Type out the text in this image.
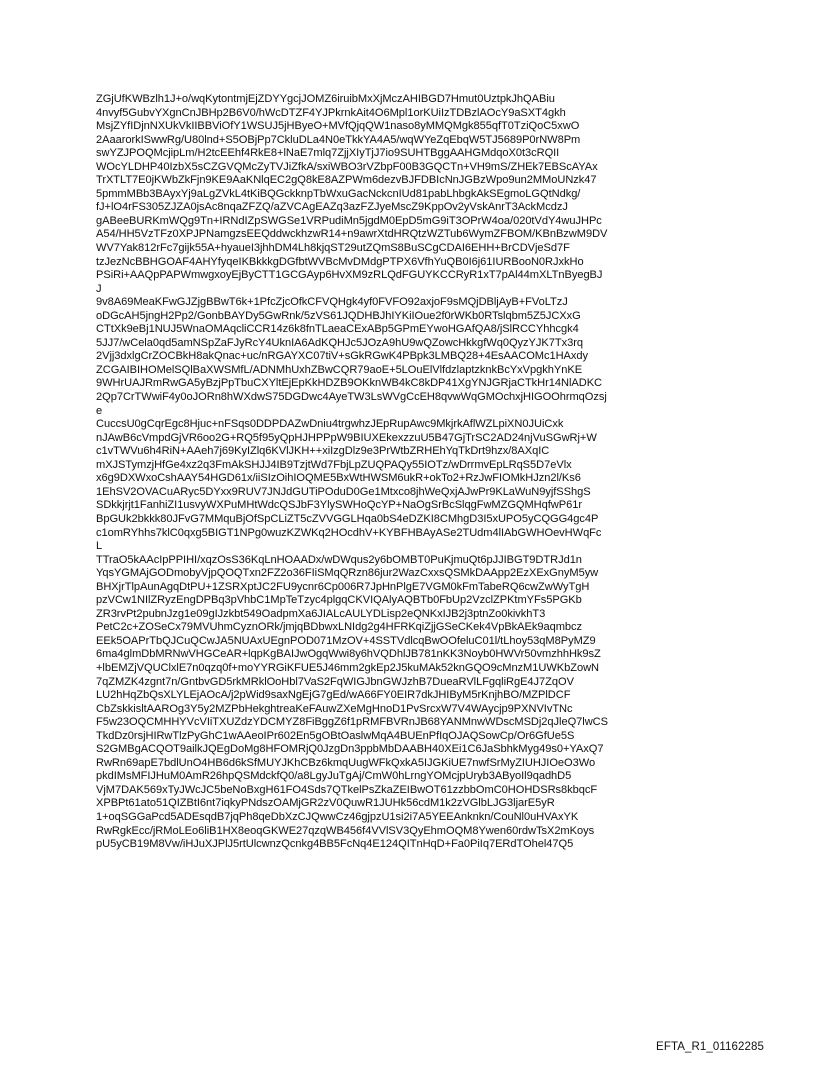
ZGjUfKWBzlh1J+o/wqKytontmjEjZDYYgcjJOMZ6iruibMxXjMczAHIBGD7Hmut0UztpkJhQABiu
4nvyf5GubvYXgnCnJBHp2B6V0/hWcDTZF4YJPkrnkAit4O6Mpl1orKUiIzTDBzlAOcY9aSXT4gkh
MsjZYfIDjnNXUkVkIIBBViOfY1WSUJ5jHByeO+MVfQjqQW1naso8yMMQMgk855qfT0TziQoC5xwO
2AaarorkISwwRg/U80lnd+S5OBjPp7CkluDLa4N0eTkkYA4A5/wqWYeZqEbqW5TJ5689P0rNW8Pm
swYZJPOQMcjipLm/H2tcEEhf4RkE8+lNaE7mlq7ZjjXIyTjJ7io9SUHTBggAAHGMdqoX0t3cRQII
WOcYLDHP40IzbX5sCZGVQMcZyTVJiZfkA/sxiWBO3rVZbpF00B3GQCTn+VH9mS/ZHEk7EBScAYAx
TrXTLT7E0jKWbZkFjn9KE9AaKNlqEC2gQ8kE8AZPWm6dezvBJFDBIcNnJGBzWpo9un2MMoUNzk47
5pmmMBb3BAyxYj9aLgZVkL4tKiBQGckknpTbWxuGacNckcnIUd81pabLhbgkAkSEgmoLGQtNdkg/
fJ+lO4rFS305ZJZA0jsAc8nqaZFZQ/aZVCAgEAZq3azFZJyeMscZ9KppOv2yVskAnrT3AckMcdzJ
gABeeBURKmWQg9Tn+IRNdIZpSWGSe1VRPudiMn5jgdM0EpD5mG9iT3OPrW4oa/020tVdY4wuJHPc
A54/HH5VzTFz0XPJPNamgzsEEQddwckhzwR14+n9awrXtdHRQtzWZTub6WymZFBOM/KBnBzwM9DV
WV7Yak812rFc7gijk55A+hyaueI3jhhDM4Lh8kjqST29utZQmS8BuSCgCDAI6EHH+BrCDVjeSd7F
tzJezNcBBHGOAF4AHYfyqeIKBkkkgDGfbtWVBcMvDMdgPTPX6VfhYuQB0I6j61IURBooN0RJxkHo
PSiRi+AAQpPAPWmwgxoyEjByCTT1GCGAyp6HvXM9zRLQdFGUYKCCRyR1xT7pAl44mXLTnByegBJ
J
9v8A69MeaKFwGJZjgBBwT6k+1PfcZjcOfkCFVQHgk4yf0FVFO92axjoF9sMQjDBljAyB+FVoLTzJ
oDGcAH5jngH2Pp2/GonbBAYDy5GwRnk/5zVS61JQDHBJhIYKiIOue2f0rWKb0RTslqbm5Z5JCXxG
CTtXk9eBj1NUJ5WnaOMAqcliCCR14z6k8fnTLaeaCExABp5GPmEYwoHGAfQA8/jSlRCCYhhcgk4
5JJ7/wCela0qd5amNSpZaFJyRcY4UknIA6AdKQHJc5JOzA9hU9wQZowcHkkgfWq0QyzYJK7Tx3rq
2Vjj3dxlgCrZOCBkH8akQnac+uc/nRGAYXC07tiV+sGkRGwK4PBpk3LMBQ28+4EsAACOMc1HAxdy
ZCGAIBIHOMelSQlBaXWSMfL/ADNMhUxhZBwCQR79aoE+5LOuElVlfdzlaptzknkBcYxVpgkhYnKE
9WHrUAJRmRwGA5yBzjPpTbuCXYltEjEpKkHDZB9OKknWB4kC8kDP41XgYNJGRjaCTkHr14NlADKC
2Qp7CrTWwiF4y0oJORn8hWXdwS75DGDwc4AyeTW3LsWVgCcEH8qvwWqGMOchxjHIGOOhrmqOzsj
e
CuccsU0gCqrEgc8Hjuc+nFSqs0DDPDAZwDniu4trgwhzJEpRupAwc9MkjrkAflWZLpiXN0JUiCxk
nJAwB6cVmpdGjVR6oo2G+RQ5f95yQpHJHPPpW9BIUXEkexzzuU5B47GjTrSC2AD24njVuSGwRj+W
c1vTWVu6h4RiN+AAeh7j69KyIZlq6KVlJKH++xiIzgDlz9e3PrWtbZRHEhYqTkDrt9hzx/8AXqIC
mXJSTymzjHfGe4xz2q3FmAkSHJJ4IB9TzjtWd7FbjLpZUQPAQy55IOTz/wDrrmvEpLRqS5D7eVlx
x6g9DXWxoCshAAY54HGD61x/iiSIzOihIOQME5BxWtHWSM6ukR+okTo2+RzJwFIOMkHJzn2l/Ks6
1EhSV2OVACuARyc5DYxx9RUV7JNJdGUTiPOduD0Ge1Mtxco8jhWeQxjAJwPr9KLaWuN9yjfSShgS
SDkkjrjt1FanhiZI1usvyWXPuMHtWdcQSJbF3YlySWHoQcYP+NaOgSrBcSlqgFwMZGQMHqfwP61r
BpGUk2bkkk80JFvG7MMquBjOfSpCLiZT5cZVVGGLHqa0bS4eDZKI8CMhgD3I5xUPO5yCQGG4gc4P
c1omRYhhs7klC0qxg5BIGT1NPg0wuzKZWKq2HOcdhV+KYBFHBAyASe2TUdm4lIAbGWHOevHWqFc
L
TTraO5kAAcIpPPIHI/xqzOsS36KqLnHOAADx/wDWqus2y6bOMBT0PuKjmuQt6pJJIBGT9DTRJd1n
YqsYGMAjGODmobyVjpQOQTxn2FZ2o36FIiSMqQRzn86jur2WazCxxsQSMkDAApp2EzXExGnyM5yw
BHXjrTlpAunAgqDtPU+1ZSRXptJC2FU9ycnr6Cp006R7JpHnPlgE7VGM0kFmTabeRQ6cwZwWyTgH
pzVCw1NIlZRyzEngDPBq3pVhbC1MpTeTzyc4plgqCKVIQAlyAQBTb0FbUp2VzclZPKtmYFs5PGKb
ZR3rvPt2pubnJzg1e09gIJzkbt549OadpmXa6JIALcAULYDLisp2eQNKxIJB2j3ptnZo0kivkhT3
PetC2c+ZOSeCx79MVUhmCyznORk/jmjqBDbwxLNIdg2g4HFRKqiZjjGSeCKek4VpBkAEk9aqmbcz
EEk5OAPrTbQJCuQCwJA5NUAxUEgnPOD071MzOV+4SSTVdlcqBwOOfeluC01l/tLhoy53qM8PyMZ9
6ma4glmDbMRNwVHGCeAR+lqpKgBAIJwOgqWwi8y6hVQDhlJB781nKK3Noyb0HWVr50vmzhhHk9sZ
+lbEMZjVQUClxlE7n0qzq0f+moYYRGiKFUE5J46mm2gkEp2J5kuMAk52knGQO9cMnzM1UWKbZowN
7qZMZK4zgnt7n/GntbvGD5rkMRklOoHbl7VaS2FqWIGJbnGWJzhB7DueaRVlLFgqliRgE4J7ZqOV
LU2hHqZbQsXLYLEjAOcA/j2pWid9saxNgEjG7gEd/wA66FY0EIR7dkJHIByM5rKnjhBO/MZPlDCF
CbZskkisltAAROg3Y5y2MZPbHekghtreaKeFAuwZXeMgHnoD1PvSrcxW7V4WAycjp9PXNVIvTNc
F5w23OQCMHHYVcVIiTXUZdzYDCMYZ8FiBggZ6f1pRMFBVRnJB68YANMnwWDscMSDj2qJleQ7lwCS
TkdDz0rsjHIRwTlzPyGhC1wAAeoIPr602En5gOBtOaslwMqA4BUEnPfIqOJAQSowCp/Or6GfUe5S
S2GMBgACQOT9ailkJQEgDoMg8HFOMRjQ0JzgDn3ppbMbDAABH40XEi1C6JaSbhkMyg49s0+YAxQ7
RwRn69apE7bdlUnO4HB6d6kSfMUYJKhCBz6kmqUugWFkQxkA5IJGKiUE7nwfSrMyZIUHJIOeO3Wo
pkdIMsMFIJHuM0AmR26hpQSMdckfQ0/a8LgyJuTgAj/CmW0hLrngYOMcjpUryb3AByoIl9qadhD5
VjM7DAK569xTyJWcJC5beNoBxgH61FO4Sds7QTkelPsZkaZEIBwOT61zzbbOmC0HOHDSRs8kbqcF
XPBPt61ato51QIZBtI6nt7iqkyPNdszOAMjGR2zV0QuwR1JUHk56cdM1k2zVGlbLJG3ljarE5yR
1+oqSGGaPcd5ADEsqdB7jqPh8qeDbXzCJQwwCz46gjpzU1si2i7A5YEEAnknkn/CouNl0uHVAxYK
RwRgkEcc/jRMoLEo6liB1HX8eoqGKWE27qzqWB456f4VVlSV3QyEhmOQM8Ywen60rdwTsX2mKoys
pU5yCB19M8Vw/iHJuXJPlJ5rtUlcwnzQcnkg4BB5FcNq4E124QITnHqD+Fa0PiIq7ERdTOhel47Q5
EFTA_R1_01162285
